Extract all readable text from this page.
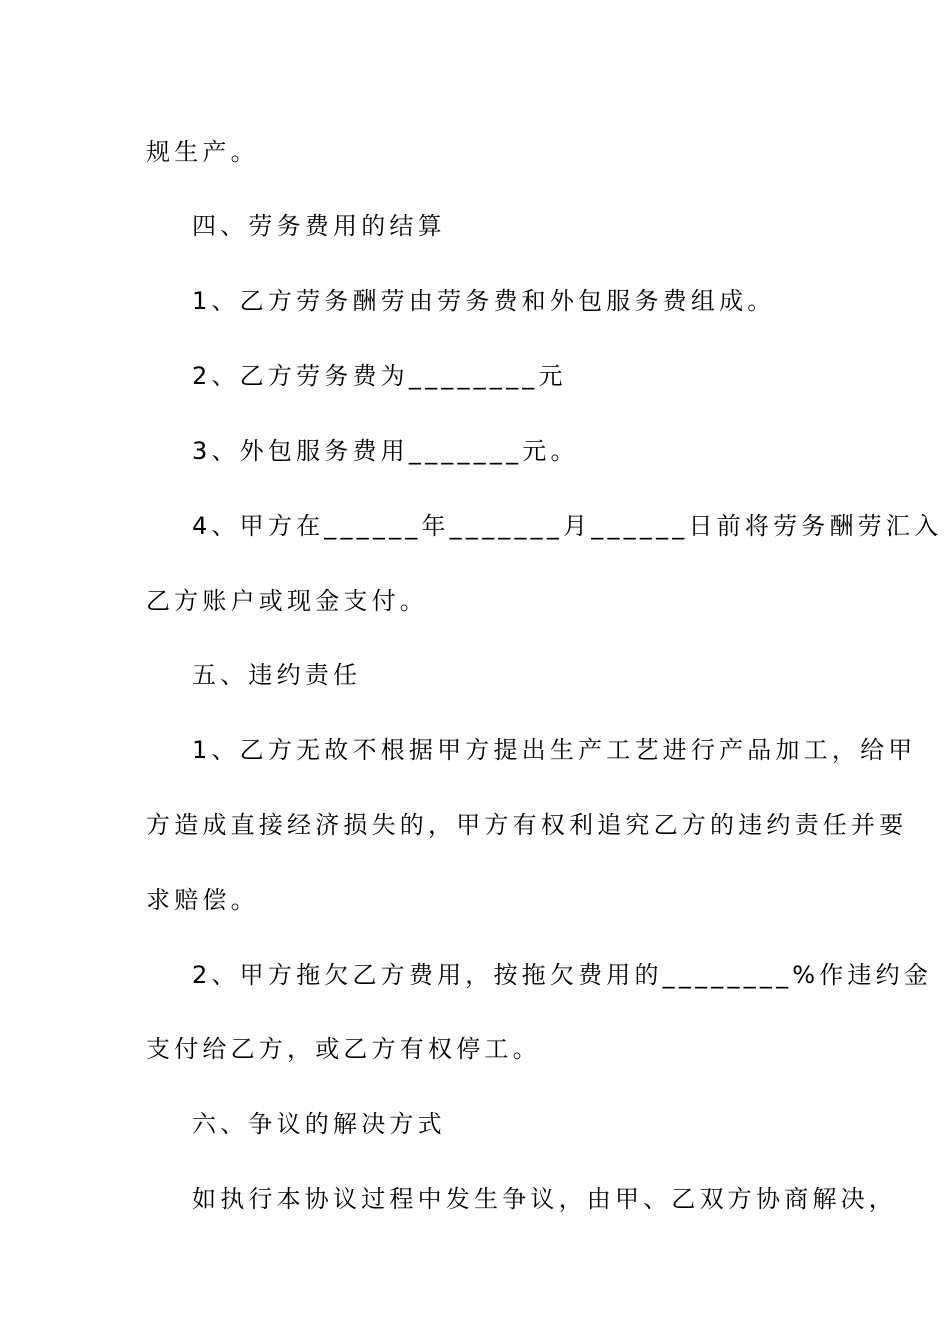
规生产。
四、劳务费用的结算
1、乙方劳务酬劳由劳务费和外包服务费组成。
2、乙方劳务费为________元
3、外包服务费用_______元。
4、甲方在______年_______月______日前将劳务酬劳汇入
乙方账户或现金支付。
五、违约责任
1、乙方无故不根据甲方提出生产工艺进行产品加工，给甲
方造成直接经济损失的，甲方有权利追究乙方的违约责任并要
求赔偿。
2、甲方拖欠乙方费用，按拖欠费用的________%作违约金
支付给乙方，或乙方有权停工。
六、争议的解决方式
如执行本协议过程中发生争议，由甲、乙双方协商解决，
